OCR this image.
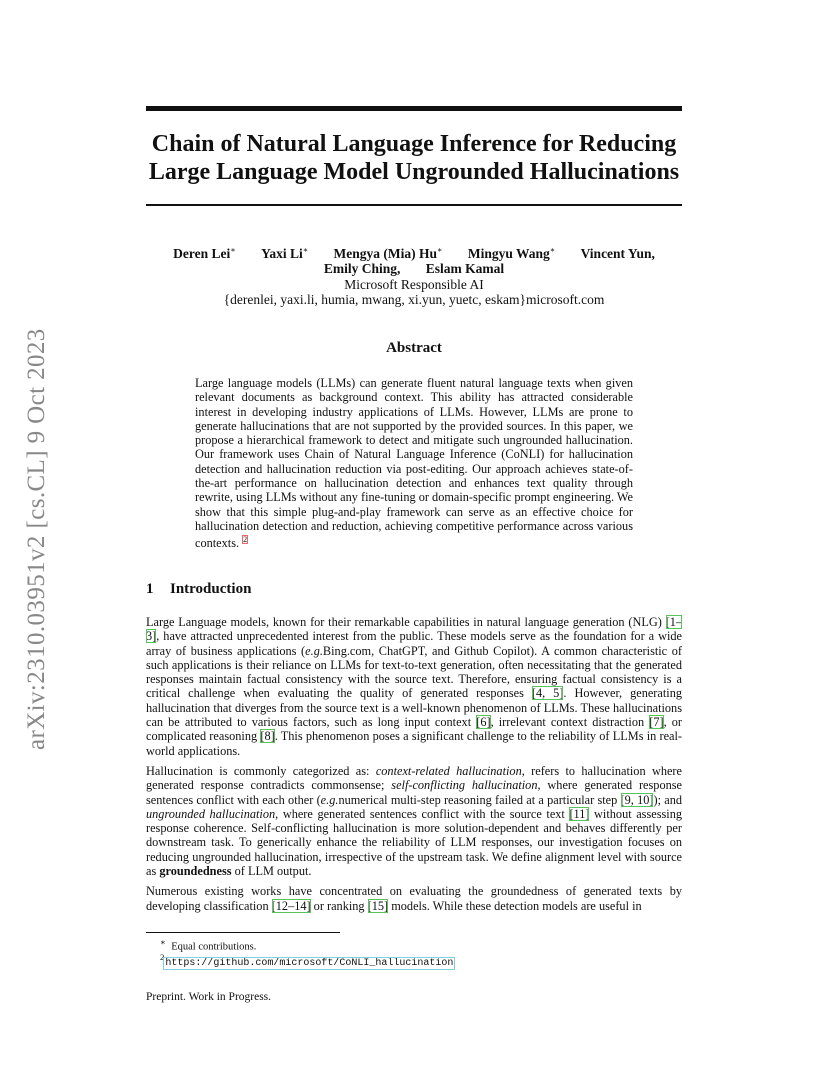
Chain of Natural Language Inference for Reducing
Large Language Model Ungrounded Hallucinations
arXiv:2310.03951v2 [cs.CL] 9 Oct 2023
Deren Lei∗ Yaxi Li∗ Mengya (Mia) Hu∗ Mingyu Wang∗ Vincent Yun,
Emily Ching, Eslam Kamal
Microsoft Responsible AI
{derenlei, yaxi.li, humia, mwang, xi.yun, yuetc, eskam}microsoft.com
Abstract
Large language models (LLMs) can generate fluent natural language texts when given relevant documents as background context. This ability has attracted considerable interest in developing industry applications of LLMs. However, LLMs are prone to generate hallucinations that are not supported by the provided sources. In this paper, we propose a hierarchical framework to detect and mitigate such ungrounded hallucination. Our framework uses Chain of Natural Language Inference (CoNLI) for hallucination detection and hallucination reduction via post-editing. Our approach achieves state-of-the-art performance on hallucination detection and enhances text quality through rewrite, using LLMs without any fine-tuning or domain-specific prompt engineering. We show that this simple plug-and-play framework can serve as an effective choice for hallucination detection and reduction, achieving competitive performance across various contexts. $^2$
1 Introduction

Large Language models, known for their remarkable capabilities in natural language generation (NLG) [1–3], have attracted unprecedented interest from the public. These models serve as the foundation for a wide array of business applications (e.g.Bing.com, ChatGPT, and Github Copilot). A common characteristic of such applications is their reliance on LLMs for text-to-text generation, often necessitating that the generated responses maintain factual consistency with the source text. Therefore, ensuring factual consistency is a critical challenge when evaluating the quality of generated responses [4, 5]. However, generating hallucination that diverges from the source text is a well-known phenomenon of LLMs. These hallucinations can be attributed to various factors, such as long input context [6], irrelevant context distraction [7], or complicated reasoning [8]. This phenomenon poses a significant challenge to the reliability of LLMs in real-world applications.

Hallucination is commonly categorized as: context-related hallucination, refers to hallucination where generated response contradicts commonsense; self-conflicting hallucination, where generated response sentences conflict with each other (e.g.numerical multi-step reasoning failed at a particular step [9, 10]); and ungrounded hallucination, where generated sentences conflict with the source text [11] without assessing response coherence. Self-conflicting hallucination is more solution-dependent and behaves differently per downstream task. To generically enhance the reliability of LLM responses, our investigation focuses on reducing ungrounded hallucination, irrespective of the upstream task. We define alignment level with source as groundedness of LLM output.

Numerous existing works have concentrated on evaluating the groundedness of generated texts by developing classification [12–14] or ranking [15] models. While these detection models are useful in

∗ Equal contributions.
$^2$https://github.com/microsoft/CoNLI_hallucination
Preprint. Work in Progress.
